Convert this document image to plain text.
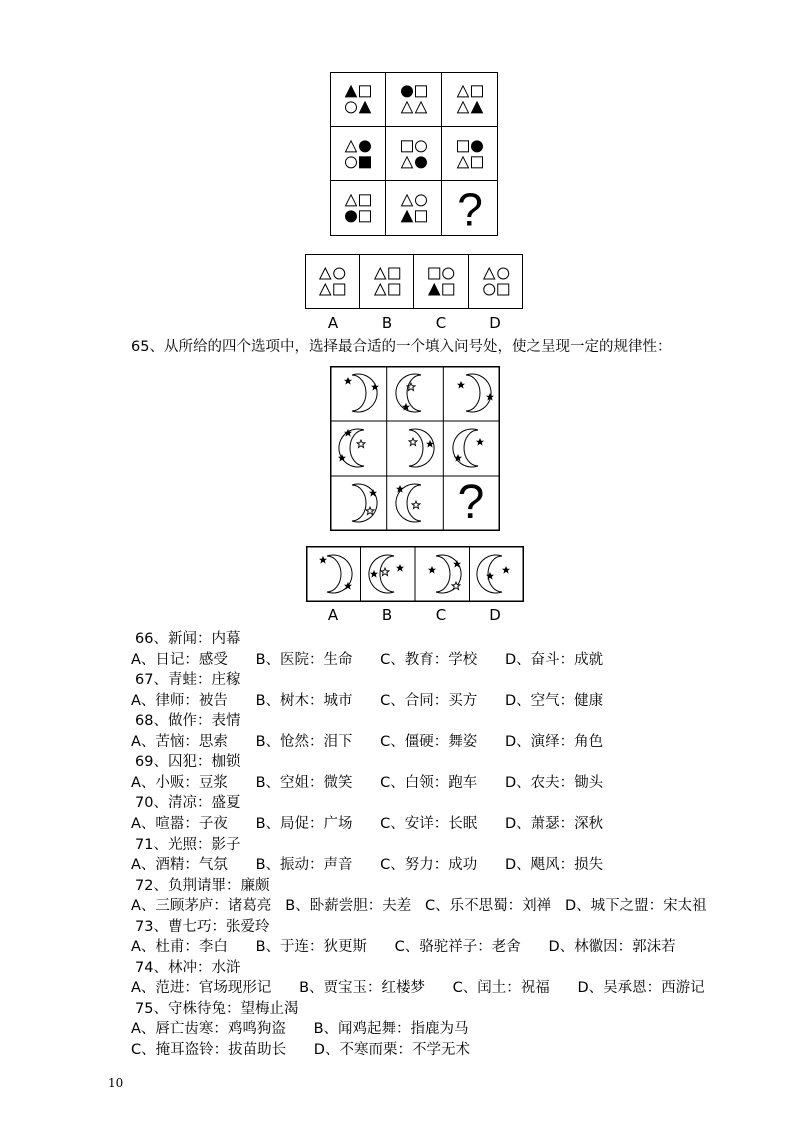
?
A	B	C	D
65、从所给的四个选项中，选择最合适的一个填入问号处，使之呈现一定的规律性：
?
A	B	C	D
66、新闻：内幕
A、日记：感受      B、医院：生命      C、教育：学校      D、奋斗：成就
67、青蛙：庄稼
A、律师：被告      B、树木：城市      C、合同：买方      D、空气：健康
68、做作：表情
A、苦恼：思索      B、怆然：泪下      C、僵硬：舞姿      D、演绎：角色
69、囚犯：枷锁
A、小贩：豆浆      B、空姐：微笑      C、白领：跑车      D、农夫：锄头
70、清凉：盛夏
A、喧嚣：子夜      B、局促：广场      C、安详：长眠      D、萧瑟：深秋
71、光照：影子
A、酒精：气氛      B、振动：声音      C、努力：成功      D、飓风：损失
72、负荆请罪：廉颇
A、三顾茅庐：诸葛亮   B、卧薪尝胆：夫差   C、乐不思蜀：刘禅   D、城下之盟：宋太祖
73、曹七巧：张爱玲
A、杜甫：李白      B、于连：狄更斯      C、骆驼祥子：老舍      D、林徽因：郭沫若
74、林冲：水浒
A、范进：官场现形记      B、贾宝玉：红楼梦      C、闰土：祝福      D、吴承恩：西游记
75、守株待兔：望梅止渴
A、唇亡齿寒：鸡鸣狗盗      B、闻鸡起舞：指鹿为马
C、掩耳盗铃：拔苗助长      D、不寒而栗：不学无术
10
